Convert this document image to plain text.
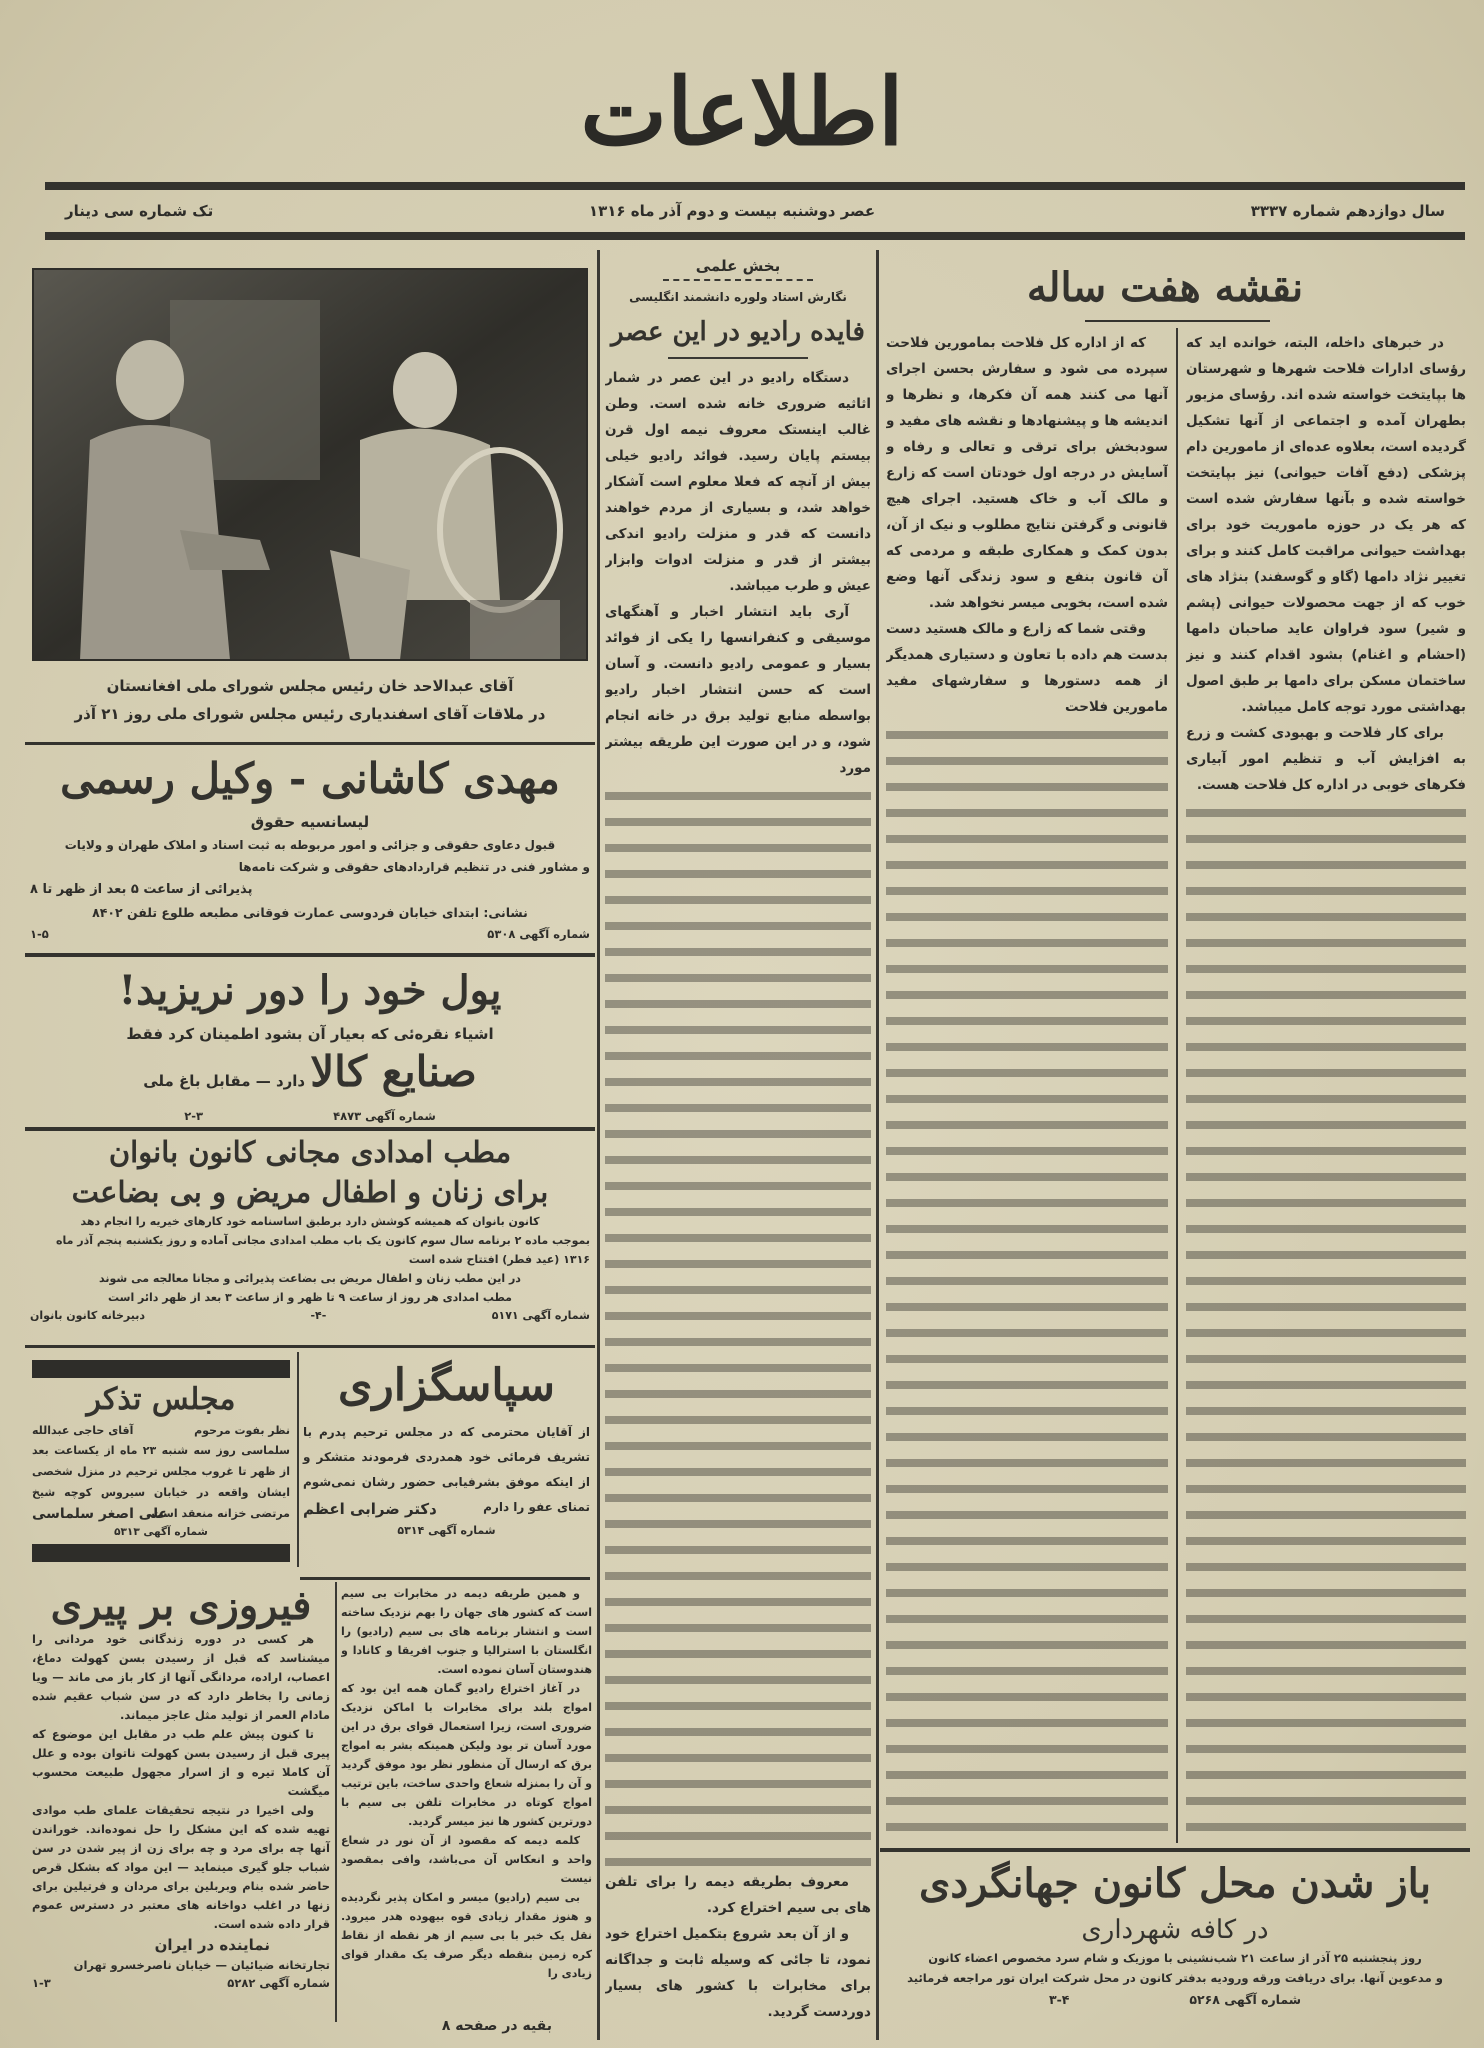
اطلاعات
سال دوازدهم شماره ۳۳۳۷
عصر دوشنبه بیست و دوم آذر ماه ۱۳۱۶
تک شماره سی دینار
نقشه هفت ساله

در خبرهای داخله، البته، خوانده اید که رؤسای ادارات فلاحت شهرها و شهرستان ها بپایتخت خواسته شده اند. رؤسای مزبور بطهران آمده و اجتماعی از آنها تشکیل گردیده است، بعلاوه عده‌ای از مامورین دام پزشکی (دفع آفات حیوانی) نیز بپایتخت خواسته شده و بآنها سفارش شده است که هر یک در حوزه ماموریت خود برای بهداشت حیوانی مراقبت کامل کنند و برای تغییر نژاد دامها (گاو و گوسفند) بنژاد های خوب که از جهت محصولات حیوانی (پشم و شیر) سود فراوان عاید صاحبان دامها (احشام و اغنام) بشود اقدام کنند و نیز ساختمان مسکن برای دامها بر طبق اصول بهداشتی مورد توجه کامل میباشد.

برای کار فلاحت و بهبودی کشت و زرع به افزایش آب و تنظیم امور آبیاری فکرهای خوبی در اداره کل فلاحت هست.

که از اداره کل فلاحت بمامورین فلاحت سپرده می شود و سفارش بحسن اجرای آنها می کنند همه آن فکرها، و نظرها و اندیشه ها و پیشنهادها و نقشه های مفید و سودبخش برای ترقی و تعالی و رفاه و آسایش در درجه اول خودتان است که زارع و مالک آب و خاک هستید. اجرای هیچ قانونی و گرفتن نتایج مطلوب و نیک از آن، بدون کمک و همکاری طبقه و مردمی که آن قانون بنفع و سود زندگی آنها وضع شده است، بخوبی میسر نخواهد شد.

وقتی شما که زارع و مالک هستید دست بدست هم داده با تعاون و دستیاری همدیگر از همه دستورها و سفارشهای مفید مامورین فلاحت

باز شدن محل کانون جهانگردی
در کافه شهرداری
روز پنجشنبه ۲۵ آذر از ساعت ۲۱ شب‌نشینی با موزیک و شام سرد مخصوص اعضاء کانون
و مدعوین آنها. برای دریافت ورقه ورودیه بدفتر کانون در محل شرکت ایران تور مراجعه فرمائید
شماره آگهی ۵۲۶۸
۳-۴
بخش علمی
نگارش استاد ولوره دانشمند انگلیسی
فایده رادیو در این عصر

دستگاه رادیو در این عصر در شمار اثاثیه ضروری خانه شده است. وطن غالب اینستک معروف نیمه اول قرن بیستم پایان رسید. فوائد رادیو خیلی بیش از آنچه که فعلا معلوم است آشکار خواهد شد، و بسیاری از مردم خواهند دانست که قدر و منزلت رادیو اندکی بیشتر از قدر و منزلت ادوات وابزار عیش و طرب میباشد.

آری باید انتشار اخبار و آهنگهای موسیقی و کنفرانسها را یکی از فوائد بسیار و عمومی رادیو دانست. و آسان است که حسن انتشار اخبار رادیو بواسطه منابع تولید برق در خانه انجام شود، و در این صورت این طریقه بیشتر مورد

معروف بطریقه دیمه را برای تلفن های بی سیم اختراع کرد.

و از آن بعد شروع بتکمیل اختراع خود نمود، تا جائی که وسیله ثابت و جداگانه برای مخابرات با کشور های بسیار دوردست گردید.

آقای عبدالاحد خان رئیس مجلس شورای ملی افغانستان
در ملاقات آقای اسفندیاری رئیس مجلس شورای ملی روز ۲۱ آذر
مهدی کاشانی - وکیل رسمی
لیسانسیه حقوق
قبول دعاوی حقوقی و جزائی و امور مربوطه به ثبت اسناد و املاک طهران و ولایات
و مشاور فنی در تنظیم قراردادهای حقوقی و شرکت نامه‌ها
پذیرائی از ساعت ۵ بعد از ظهر تا ۸
نشانی: ابتدای خیابان فردوسی عمارت فوقانی مطبعه طلوع تلفن ۸۴۰۲
شماره آگهی ۵۳۰۸
۱-۵
پول خود را دور نریزید!
اشیاء نقره‌ئی که بعیار آن بشود اطمینان کرد فقط
صنایع کالا دارد — مقابل باغ ملی
شماره آگهی ۴۸۷۳
۲-۳
مطب امدادی مجانی کانون بانوان
برای زنان و اطفال مریض و بی بضاعت
کانون بانوان که همیشه کوشش دارد برطبق اساسنامه خود کارهای خیریه را انجام دهد
بموجب ماده ۲ برنامه سال سوم کانون یک باب مطب امدادی مجانی آماده و روز یکشنبه پنجم آذر ماه ۱۳۱۶ (عید فطر) افتتاح شده است
در این مطب زنان و اطفال مریض بی بضاعت پذیرائی و مجانا معالجه می شوند
مطب امدادی هر روز از ساعت ۹ تا ظهر و از ساعت ۳ بعد از ظهر دائر است
شماره آگهی ۵۱۷۱
-۴-
دبیرخانه کانون بانوان
سپاسگزاری
از آقایان محترمی که در مجلس ترحیم پدرم با تشریف فرمائی خود همدردی فرمودند متشکر و از اینکه موفق بشرفیابی حضور رشان نمی‌شوم تمنای عفو را دارم
دکتر ضرابی اعظم
شماره آگهی ۵۳۱۴
مجلس تذکر
نظر بفوت مرحوم
آقای حاجی عبدالله
سلماسی روز سه شنبه ۲۳ ماه از یکساعت بعد از ظهر تا غروب مجلس ترحیم در منزل شخصی ایشان واقعه در خیابان سیروس کوچه شیخ مرتضی خزانه منعقد است.
علی اصغر سلماسی
شماره آگهی ۵۳۱۳
فیروزی بر پیری

هر کسی در دوره زندگانی خود مردانی را میشناسد که قبل از رسیدن بسن کهولت دماغ، اعصاب، اراده، مردانگی آنها از کار باز می ماند — ویا زمانی را بخاطر دارد که در سن شباب عقیم شده مادام العمر از تولید مثل عاجز میماند.

تا کنون پیش علم طب در مقابل این موضوع که پیری قبل از رسیدن بسن کهولت ناتوان بوده و علل آن کاملا تیره و از اسرار مجهول طبیعت محسوب میگشت

ولی اخیرا در نتیجه تحقیقات علمای طب موادی تهیه شده که این مشکل را حل نموده‌اند. خوراندن آنها چه برای مرد و چه برای زن از پیر شدن در سن شباب جلو گیری مینماید — این مواد که بشکل قرص حاضر شده بنام وبربلین برای مردان و فرتیلین برای زنها در اغلب دواخانه های معتبر در دسترس عموم قرار داده شده است.

نماینده در ایران
تجارتخانه ضیائیان — خیابان ناصرخسرو تهران
شماره آگهی ۵۲۸۲
۱-۳

و همین طریقه دیمه در مخابرات بی سیم است که کشور های جهان را بهم نزدیک ساخته است و انتشار برنامه های بی سیم (رادیو) را انگلستان با استرالیا و جنوب افریقا و کانادا و هندوستان آسان نموده است.

در آغاز اختراع رادیو گمان همه این بود که امواج بلند برای مخابرات با اماکن نزدیک ضروری است، زیرا استعمال قوای برق در این مورد آسان تر بود ولیکن همینکه بشر به امواج برق که ارسال آن منظور نظر بود موفق گردید و آن را بمنزله شعاع واحدی ساخت، باین ترتیب امواج کوتاه در مخابرات تلفن بی سیم با دورترین کشور ها نیز میسر گردید.

کلمه دیمه که مقصود از آن نور در شعاع واحد و انعکاس آن می‌باشد، وافی بمقصود نیست

بی سیم (رادیو) میسر و امکان پذیر نگردیده و هنوز مقدار زیادی قوه بیهوده هدر میرود. نقل یک خبر با بی سیم از هر نقطه از نقاط کره زمین بنقطه دیگر صرف یک مقدار قوای زیادی را

بقیه در صفحه ۸
